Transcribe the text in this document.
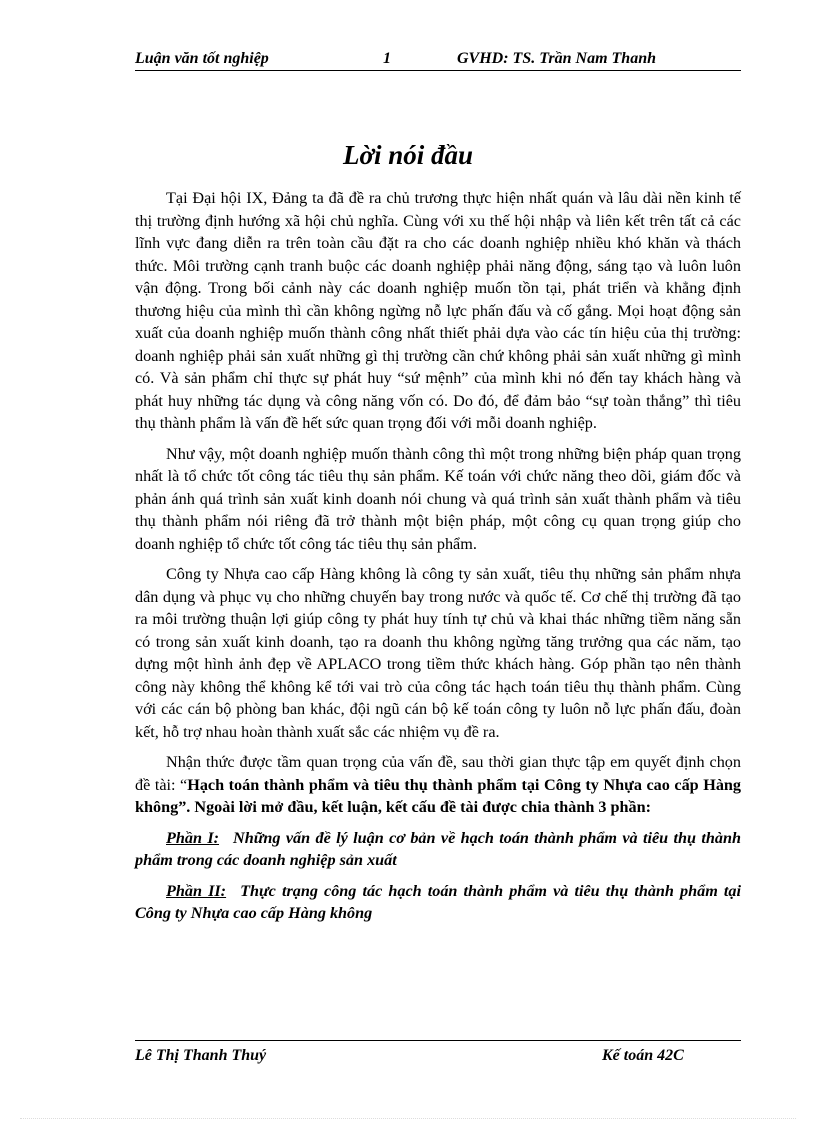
Luận văn tốt nghiệp	1	GVHD: TS. Trần Nam Thanh
Lời nói đầu

Tại Đại hội IX, Đảng ta đã đề ra chủ trương thực hiện nhất quán và lâu dài nền kinh tế thị trường định hướng xã hội chủ nghĩa. Cùng với xu thế hội nhập và liên kết trên tất cả các lĩnh vực đang diễn ra trên toàn cầu đặt ra cho các doanh nghiệp nhiều khó khăn và thách thức. Môi trường cạnh tranh buộc các doanh nghiệp phải năng động, sáng tạo và luôn luôn vận động. Trong bối cảnh này các doanh nghiệp muốn tồn tại, phát triển và khẳng định thương hiệu của mình thì cần không ngừng nỗ lực phấn đấu và cố gắng. Mọi hoạt động sản xuất của doanh nghiệp muốn thành công nhất thiết phải dựa vào các tín hiệu của thị trường: doanh nghiệp phải sản xuất những gì thị trường cần chứ không phải sản xuất những gì mình có. Và sản phẩm chỉ thực sự phát huy “sứ mệnh” của mình khi nó đến tay khách hàng và phát huy những tác dụng và công năng vốn có. Do đó, để đảm bảo “sự toàn thắng” thì tiêu thụ thành phẩm là vấn đề hết sức quan trọng đối với mỗi doanh nghiệp.

Như vậy, một doanh nghiệp muốn thành công thì một trong những biện pháp quan trọng nhất là tổ chức tốt công tác tiêu thụ sản phẩm. Kế toán với chức năng theo dõi, giám đốc và phản ánh quá trình sản xuất kinh doanh nói chung và quá trình sản xuất thành phẩm và tiêu thụ thành phẩm nói riêng đã trở thành một biện pháp, một công cụ quan trọng giúp cho doanh nghiệp tổ chức tốt công tác tiêu thụ sản phẩm.

Công ty Nhựa cao cấp Hàng không là công ty sản xuất, tiêu thụ những sản phẩm nhựa dân dụng và phục vụ cho những chuyến bay trong nước và quốc tế. Cơ chế thị trường đã tạo ra môi trường thuận lợi giúp công ty phát huy tính tự chủ và khai thác những tiềm năng sẵn có trong sản xuất kinh doanh, tạo ra doanh thu không ngừng tăng trưởng qua các năm, tạo dựng một hình ảnh đẹp về APLACO trong tiềm thức khách hàng. Góp phần tạo nên thành công này không thể không kể tới vai trò của công tác hạch toán tiêu thụ thành phẩm. Cùng với các cán bộ phòng ban khác, đội ngũ cán bộ kế toán công ty luôn nỗ lực phấn đấu, đoàn kết, hỗ trợ nhau hoàn thành xuất sắc các nhiệm vụ đề ra.

Nhận thức được tầm quan trọng của vấn đề, sau thời gian thực tập em quyết định chọn đề tài: “Hạch toán thành phẩm và tiêu thụ thành phẩm tại Công ty Nhựa cao cấp Hàng không”. Ngoài lời mở đầu, kết luận, kết cấu đề tài được chia thành 3 phần:

Phần I: Những vấn đề lý luận cơ bản về hạch toán thành phẩm và tiêu thụ thành phẩm trong các doanh nghiệp sản xuất
Phần II: Thực trạng công tác hạch toán thành phẩm và tiêu thụ thành phẩm tại Công ty Nhựa cao cấp Hàng không
Lê Thị Thanh Thuý	Kế toán 42C
